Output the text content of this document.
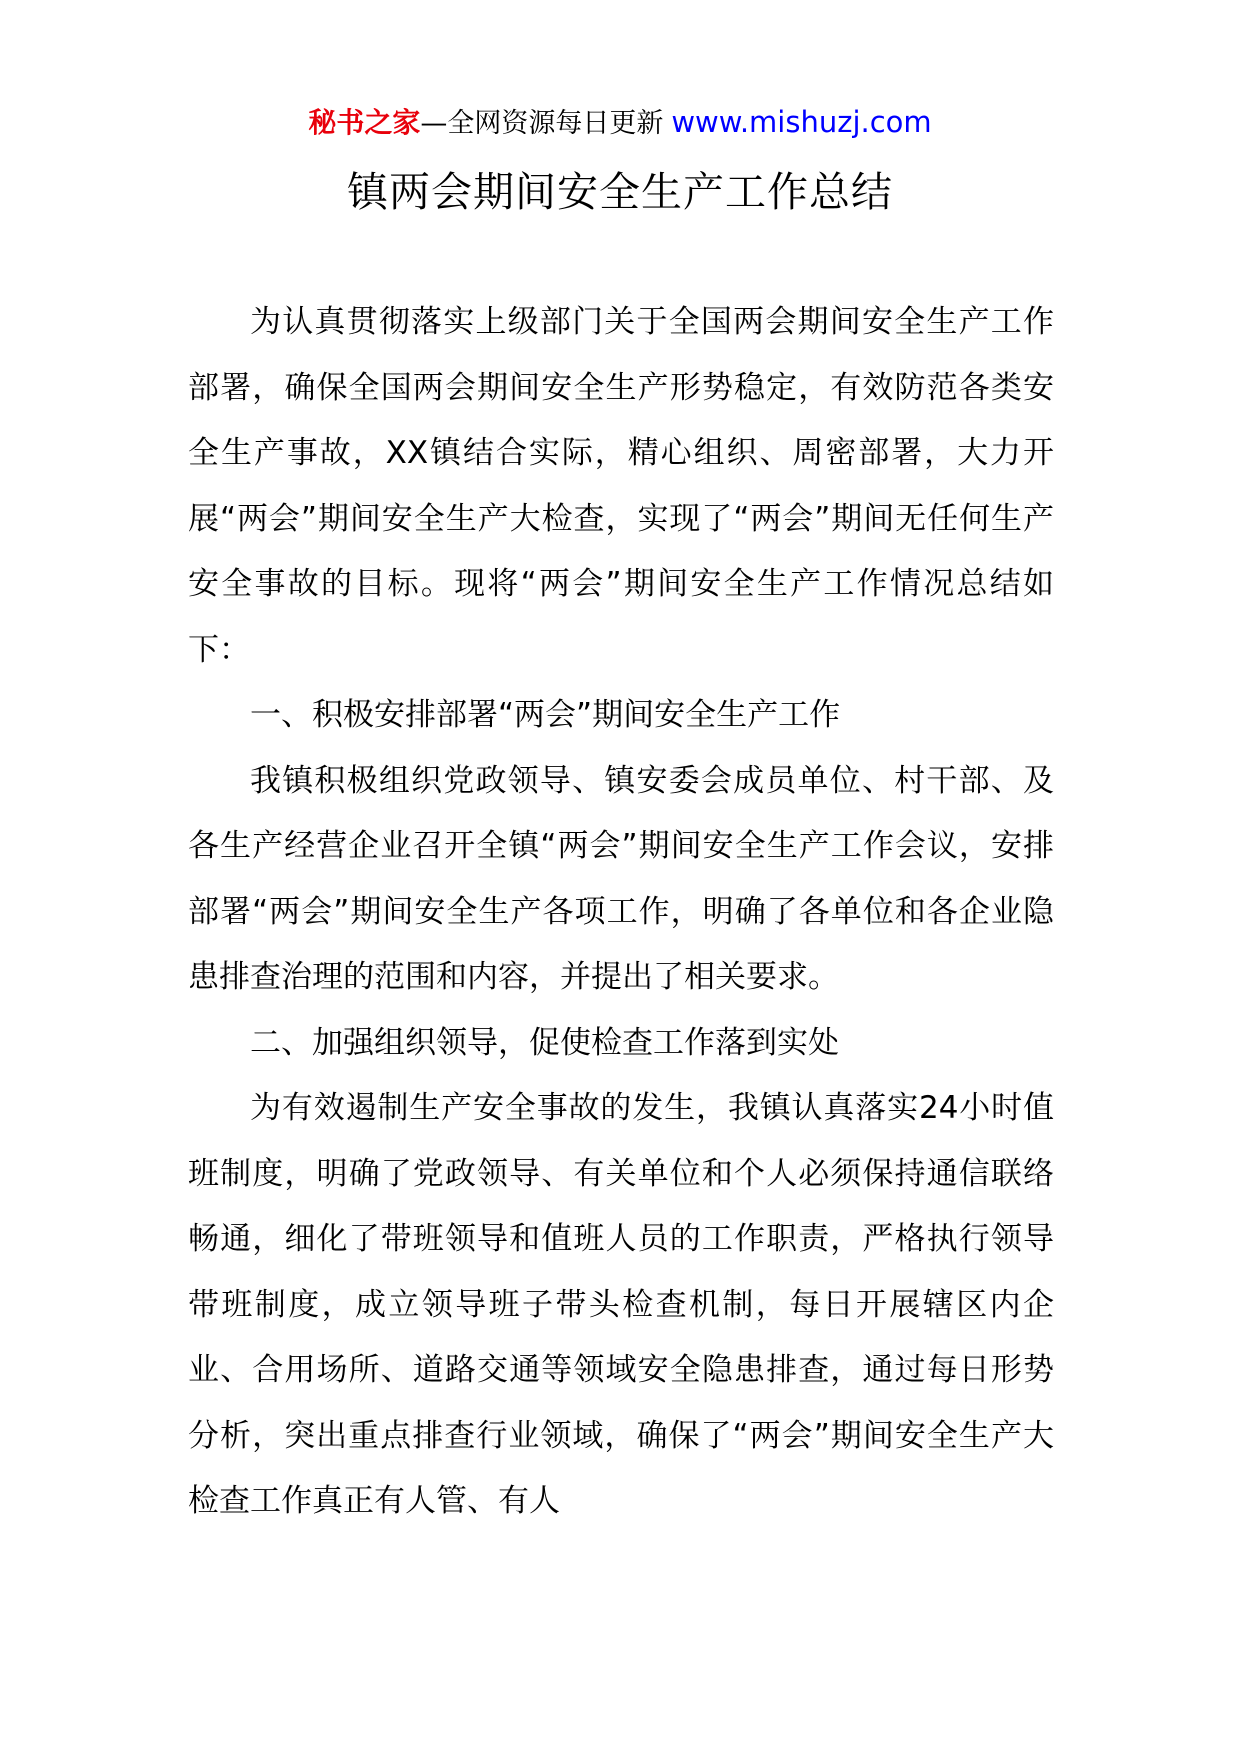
秘书之家—全网资源每日更新 www.mishuzj.com
镇两会期间安全生产工作总结

为认真贯彻落实上级部门关于全国两会期间安全生产工作部署，确保全国两会期间安全生产形势稳定，有效防范各类安全生产事故，XX镇结合实际，精心组织、周密部署，大力开展“两会”期间安全生产大检查，实现了“两会”期间无任何生产安全事故的目标。现将“两会”期间安全生产工作情况总结如下：

一、积极安排部署“两会”期间安全生产工作

我镇积极组织党政领导、镇安委会成员单位、村干部、及各生产经营企业召开全镇“两会”期间安全生产工作会议，安排部署“两会”期间安全生产各项工作，明确了各单位和各企业隐患排查治理的范围和内容，并提出了相关要求。

二、加强组织领导，促使检查工作落到实处

为有效遏制生产安全事故的发生，我镇认真落实24小时值班制度，明确了党政领导、有关单位和个人必须保持通信联络畅通，细化了带班领导和值班人员的工作职责，严格执行领导带班制度，成立领导班子带头检查机制，每日开展辖区内企业、合用场所、道路交通等领域安全隐患排查，通过每日形势分析，突出重点排查行业领域，确保了“两会”期间安全生产大检查工作真正有人管、有人
